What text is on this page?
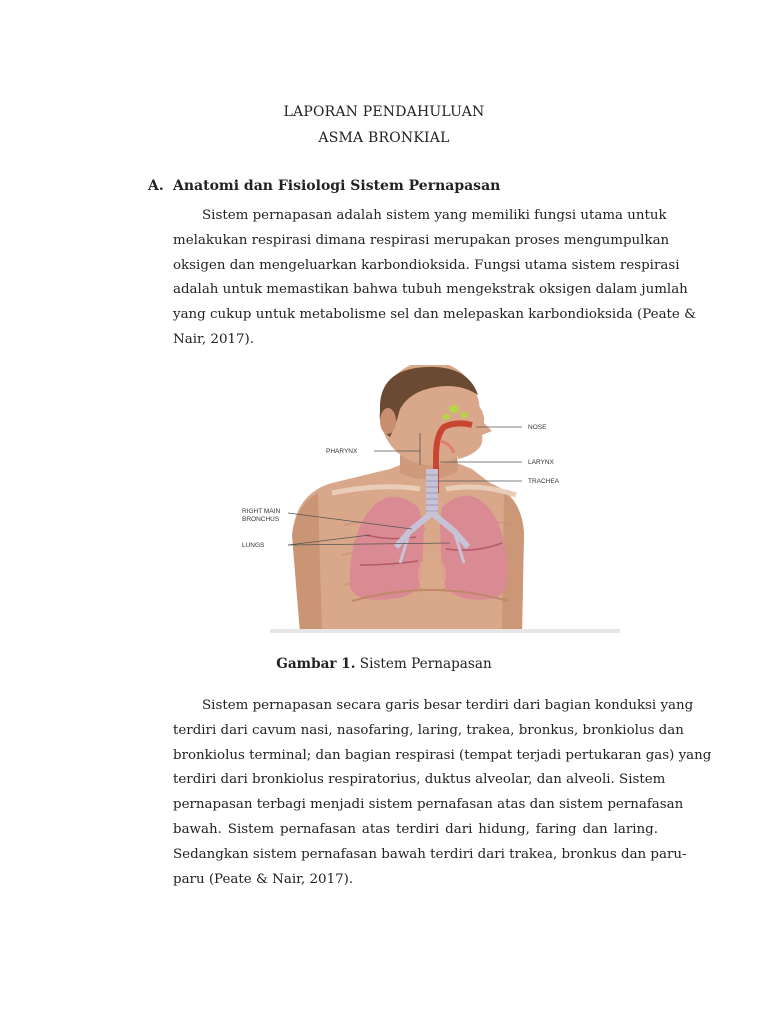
LAPORAN PENDAHULUAN
ASMA BRONKIAL
A. Anatomi dan Fisiologi Sistem Pernapasan
Sistem pernapasan adalah sistem yang memiliki fungsi utama untuk
melakukan respirasi dimana respirasi merupakan proses mengumpulkan
oksigen dan mengeluarkan karbondioksida. Fungsi utama sistem respirasi
adalah untuk memastikan bahwa tubuh mengekstrak oksigen dalam jumlah
yang cukup untuk metabolisme sel dan melepaskan karbondioksida (Peate &
Nair, 2017).
NOSE
PHARYNX
LARYNX
TRACHEA
RIGHT MAIN
BRONCHUS
LUNGS
Gambar 1. Sistem Pernapasan
Sistem pernapasan secara garis besar terdiri dari bagian konduksi yang
terdiri dari cavum nasi, nasofaring, laring, trakea, bronkus, bronkiolus dan
bronkiolus terminal; dan bagian respirasi (tempat terjadi pertukaran gas) yang
terdiri dari bronkiolus respiratorius, duktus alveolar, dan alveoli. Sistem
pernapasan terbagi menjadi sistem pernafasan atas dan sistem pernafasan
bawah. Sistem pernafasan atas terdiri dari hidung, faring dan laring.
Sedangkan sistem pernafasan bawah terdiri dari trakea, bronkus dan paru-
paru (Peate & Nair, 2017).
